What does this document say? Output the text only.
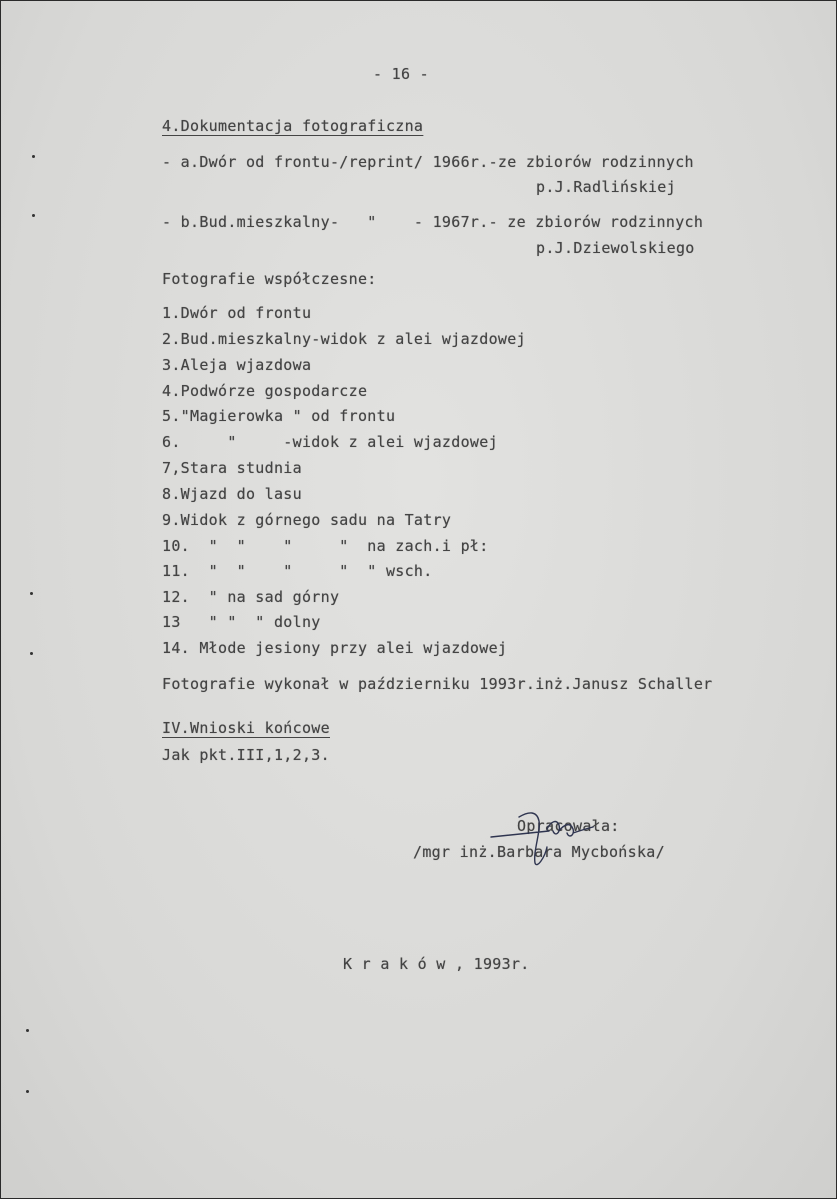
- 16 -
4.Dokumentacja fotograficzna
- a.Dwór od frontu-/reprint/ 1966r.-ze zbiorów rodzinnych
p.J.Radlińskiej
- b.Bud.mieszkalny-   "    - 1967r.- ze zbiorów rodzinnych
p.J.Dziewolskiego
Fotografie współczesne:
1.Dwór od frontu
2.Bud.mieszkalny-widok z alei wjazdowej
3.Aleja wjazdowa
4.Podwórze gospodarcze
5."Magierowka " od frontu
6.     "     -widok z alei wjazdowej
7,Stara studnia
8.Wjazd do lasu
9.Widok z górnego sadu na Tatry
10.  "  "    "     "  na zach.i pł:
11.  "  "    "     "  " wsch.
12.  " na sad górny
13   " "  " dolny
14. Młode jesiony przy alei wjazdowej
Fotografie wykonał w październiku 1993r.inż.Janusz Schaller
IV.Wnioski końcowe
Jak pkt.III,1,2,3.
Opracowała:
/mgr inż.Barbara Mycbońska/
K r a k ó w , 1993r.
